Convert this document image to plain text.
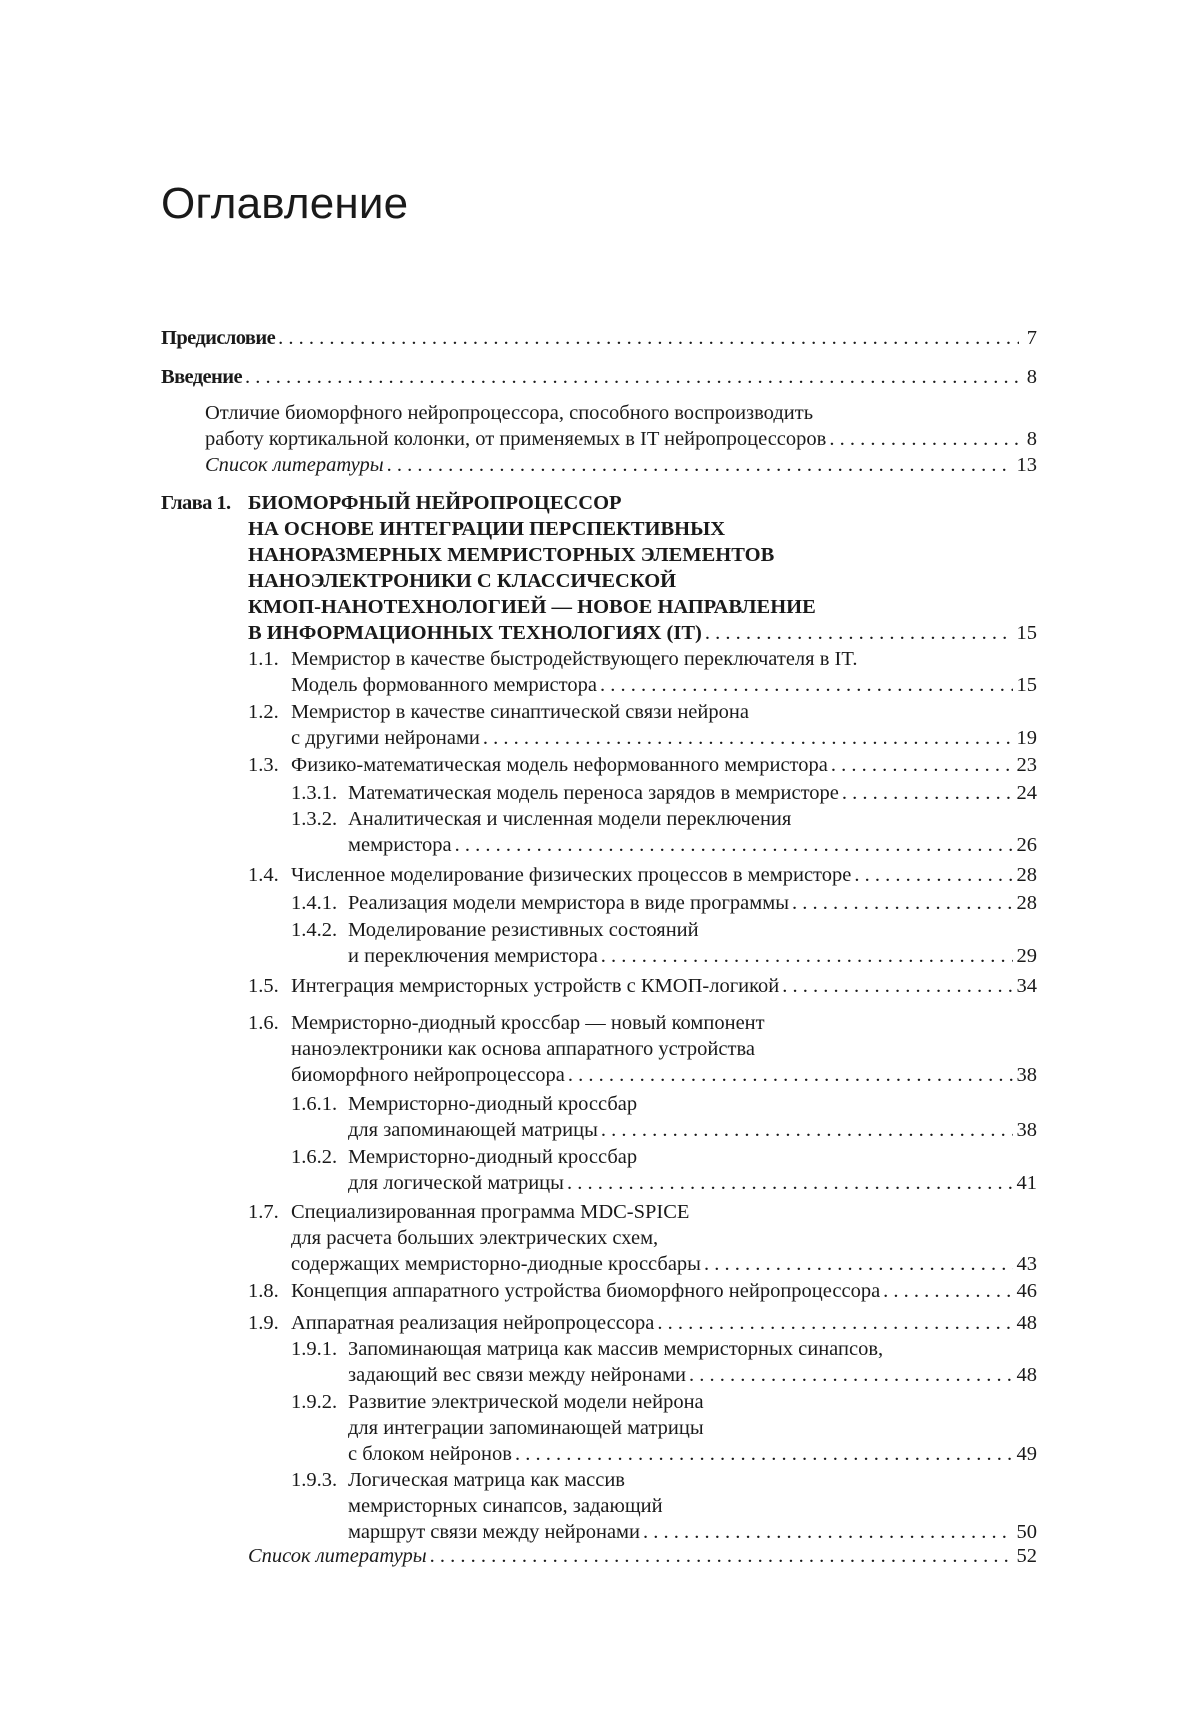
Оглавление
Предисловие . . .	7
Введение . . .	8
Отличие биоморфного нейропроцессора, способного воспроизводить
работу кортикальной колонки, от применяемых в IT нейропроцессоров . . .	8
Список литературы . . .	13
Глава 1. БИОМОРФНЫЙ НЕЙРОПРОЦЕССОР
НА ОСНОВЕ ИНТЕГРАЦИИ ПЕРСПЕКТИВНЫХ
НАНОРАЗМЕРНЫХ МЕМРИСТОРНЫХ ЭЛЕМЕНТОВ
НАНОЭЛЕКТРОНИКИ С КЛАССИЧЕСКОЙ
КМОП-НАНОТЕХНОЛОГИЕЙ — НОВОЕ НАПРАВЛЕНИЕ
В ИНФОРМАЦИОННЫХ ТЕХНОЛОГИЯХ (IT) . . .	15
1.1. Мемристор в качестве быстродействующего переключателя в IT.
Модель формованного мемристора . . .	15
1.2. Мемристор в качестве синаптической связи нейрона
с другими нейронами . . .	19
1.3. Физико-математическая модель неформованного мемристора . . .	23
1.3.1. Математическая модель переноса зарядов в мемристоре . . .	24
1.3.2. Аналитическая и численная модели переключения
мемристора . . .	26
1.4. Численное моделирование физических процессов в мемристоре . . .	28
1.4.1. Реализация модели мемристора в виде программы . . .	28
1.4.2. Моделирование резистивных состояний
и переключения мемристора . . .	29
1.5. Интеграция мемристорных устройств с КМОП-логикой . . .	34
1.6. Мемристорно-диодный кроссбар — новый компонент
наноэлектроники как основа аппаратного устройства
биоморфного нейропроцессора . . .	38
1.6.1. Мемристорно-диодный кроссбар
для запоминающей матрицы . . .	38
1.6.2. Мемристорно-диодный кроссбар
для логической матрицы . . .	41
1.7. Специализированная программа MDC-SPICE
для расчета больших электрических схем,
содержащих мемристорно-диодные кроссбары . . .	43
1.8. Концепция аппаратного устройства биоморфного нейропроцессора . . .	46
1.9. Аппаратная реализация нейропроцессора . . .	48
1.9.1. Запоминающая матрица как массив мемристорных синапсов,
задающий вес связи между нейронами . . .	48
1.9.2. Развитие электрической модели нейрона
для интеграции запоминающей матрицы
с блоком нейронов . . .	49
1.9.3. Логическая матрица как массив
мемристорных синапсов, задающий
маршрут связи между нейронами . . .	50
Список литературы . . .	52
